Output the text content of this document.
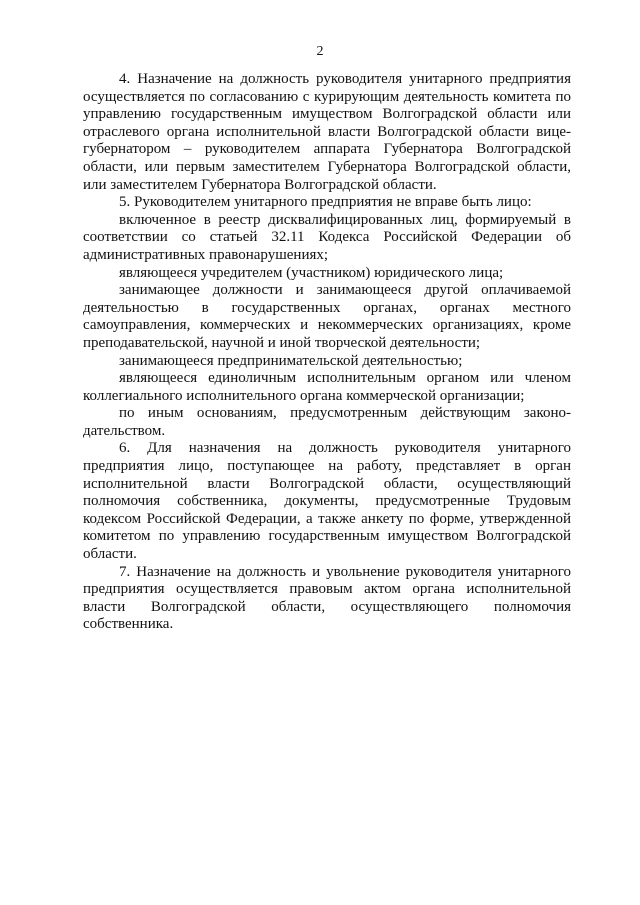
2

4. Назначение на должность руководителя унитарного предприятия осуществляется по согласованию с курирующим деятельность комитета по управлению государственным имуществом Волгоградской области или отраслевого органа исполнительной власти Волгоградской области вице-губернатором – руководителем аппарата Губернатора Волгоградской области, или первым заместителем Губернатора Волгоградской области, или заместителем Губернатора Волгоградской области.

5. Руководителем унитарного предприятия не вправе быть лицо:

включенное в реестр дисквалифицированных лиц, формируемый в соответствии со статьей 32.11 Кодекса Российской Федерации об административных правонарушениях;

являющееся учредителем (участником) юридического лица;

занимающее должности и занимающееся другой оплачиваемой деятельностью в государственных органах, органах местного самоуправления, коммерческих и некоммерческих организациях, кроме преподавательской, научной и иной творческой деятельности;

занимающееся предпринимательской деятельностью;

являющееся единоличным исполнительным органом или членом коллегиального исполнительного органа коммерческой организации;

по иным основаниям, предусмотренным действующим законодательством.

6. Для назначения на должность руководителя унитарного предприятия лицо, поступающее на работу, представляет в орган исполнительной власти Волгоградской области, осуществляющий полномочия собственника, документы, предусмотренные Трудовым кодексом Российской Федерации, а также анкету по форме, утвержденной комитетом по управлению государственным имуществом Волгоградской области.

7. Назначение на должность и увольнение руководителя унитарного предприятия осуществляется правовым актом органа исполнительной власти Волгоградской области, осуществляющего полномочия собственника.
